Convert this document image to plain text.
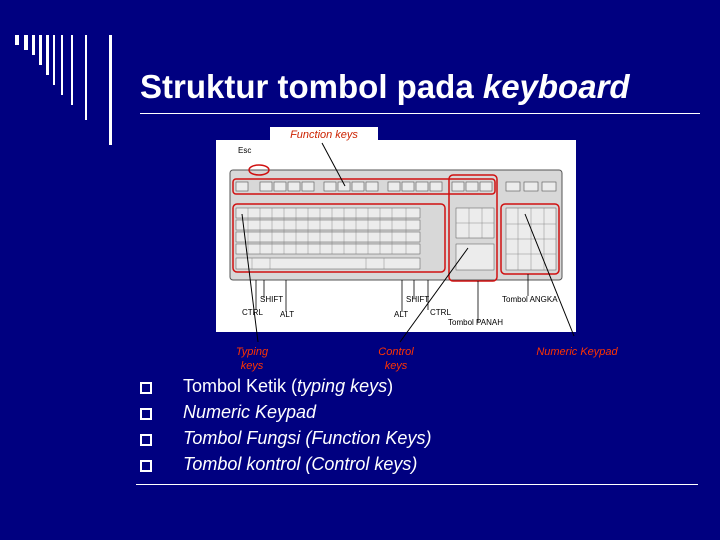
Struktur tombol pada keyboard
Esc
SHIFT
CTRL ALT
SHIFT
ALT	CTRL
Tombol ANGKA
Tombol PANAH
Function keys
Typing keys
Control keys
Numeric Keypad
Tombol Ketik (typing keys)
Numeric Keypad
Tombol Fungsi (Function Keys)
Tombol kontrol (Control keys)
